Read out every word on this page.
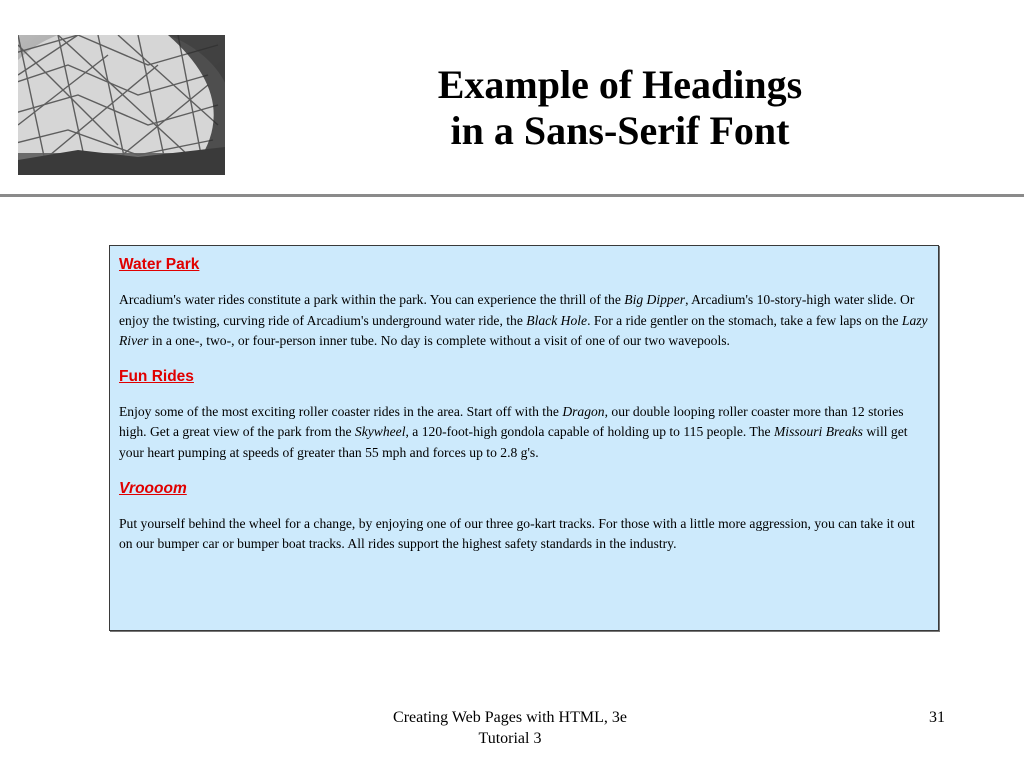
Example of Headings
in a Sans-Serif Font
Water Park

Arcadium's water rides constitute a park within the park. You can experience the thrill of the Big Dipper, Arcadium's 10-story-high water slide. Or enjoy the twisting, curving ride of Arcadium's underground water ride, the Black Hole. For a ride gentler on the stomach, take a few laps on the Lazy River in a one-, two-, or four-person inner tube. No day is complete without a visit of one of our two wavepools.

Fun Rides

Enjoy some of the most exciting roller coaster rides in the area. Start off with the Dragon, our double looping roller coaster more than 12 stories high. Get a great view of the park from the Skywheel, a 120-foot-high gondola capable of holding up to 115 people. The Missouri Breaks will get your heart pumping at speeds of greater than 55 mph and forces up to 2.8 g's.

Vroooom

Put yourself behind the wheel for a change, by enjoying one of our three go-kart tracks. For those with a little more aggression, you can take it out on our bumper car or bumper boat tracks. All rides support the highest safety standards in the industry.

Creating Web Pages with HTML, 3e
Tutorial 3
31
